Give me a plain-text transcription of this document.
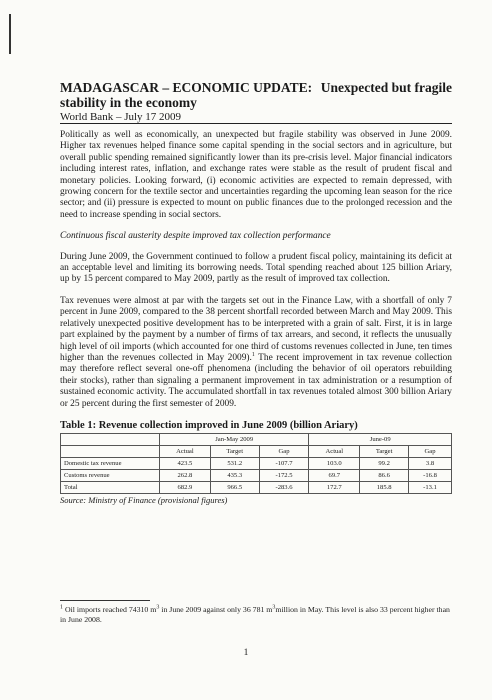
Unexpected but fragile
MADAGASCAR – ECONOMIC UPDATE:
stability in the economy
World Bank – July 17 2009

Politically as well as economically, an unexpected but fragile stability was observed in June 2009. Higher tax revenues helped finance some capital spending in the social sectors and in agriculture, but overall public spending remained significantly lower than its pre-crisis level. Major financial indicators including interest rates, inflation, and exchange rates were stable as the result of prudent fiscal and monetary policies. Looking forward, (i) economic activities are expected to remain depressed, with growing concern for the textile sector and uncertainties regarding the upcoming lean season for the rice sector; and (ii) pressure is expected to mount on public finances due to the prolonged recession and the need to increase spending in social sectors.

Continuous fiscal austerity despite improved tax collection performance

During June 2009, the Government continued to follow a prudent fiscal policy, maintaining its deficit at an acceptable level and limiting its borrowing needs. Total spending reached about 125 billion Ariary, up by 15 percent compared to May 2009, partly as the result of improved tax collection.

Tax revenues were almost at par with the targets set out in the Finance Law, with a shortfall of only 7 percent in June 2009, compared to the 38 percent shortfall recorded between March and May 2009. This relatively unexpected positive development has to be interpreted with a grain of salt. First, it is in large part explained by the payment by a number of firms of tax arrears, and second, it reflects the unusually high level of oil imports (which accounted for one third of customs revenues collected in June, ten times higher than the revenues collected in May 2009).$^1$ The recent improvement in tax revenue collection may therefore reflect several one-off phenomena (including the behavior of oil operators rebuilding their stocks), rather than signaling a permanent improvement in tax administration or a resumption of sustained economic activity. The accumulated shortfall in tax revenues totaled almost 300 billion Ariary or 25 percent during the first semester of 2009.

Table 1: Revenue collection improved in June 2009 (billion Ariary)
	Jan-May 2009			June-09		
	Actual	Target	Gap	Actual	Target	Gap
Domestic tax revenue	423.5	531.2	-107.7	103.0	99.2	3.8
Customs revenue	262.8	435.3	-172.5	69.7	86.6	-16.8
Total	682.9	966.5	-283.6	172.7	185.8	-13.1
Source: Ministry of Finance (provisional figures)
$^1$ Oil imports reached 74310 $m^3$ in June 2009 against only 36 781 $m^3million$ in May. This level is also 33 percent higher than in June 2008.
1
